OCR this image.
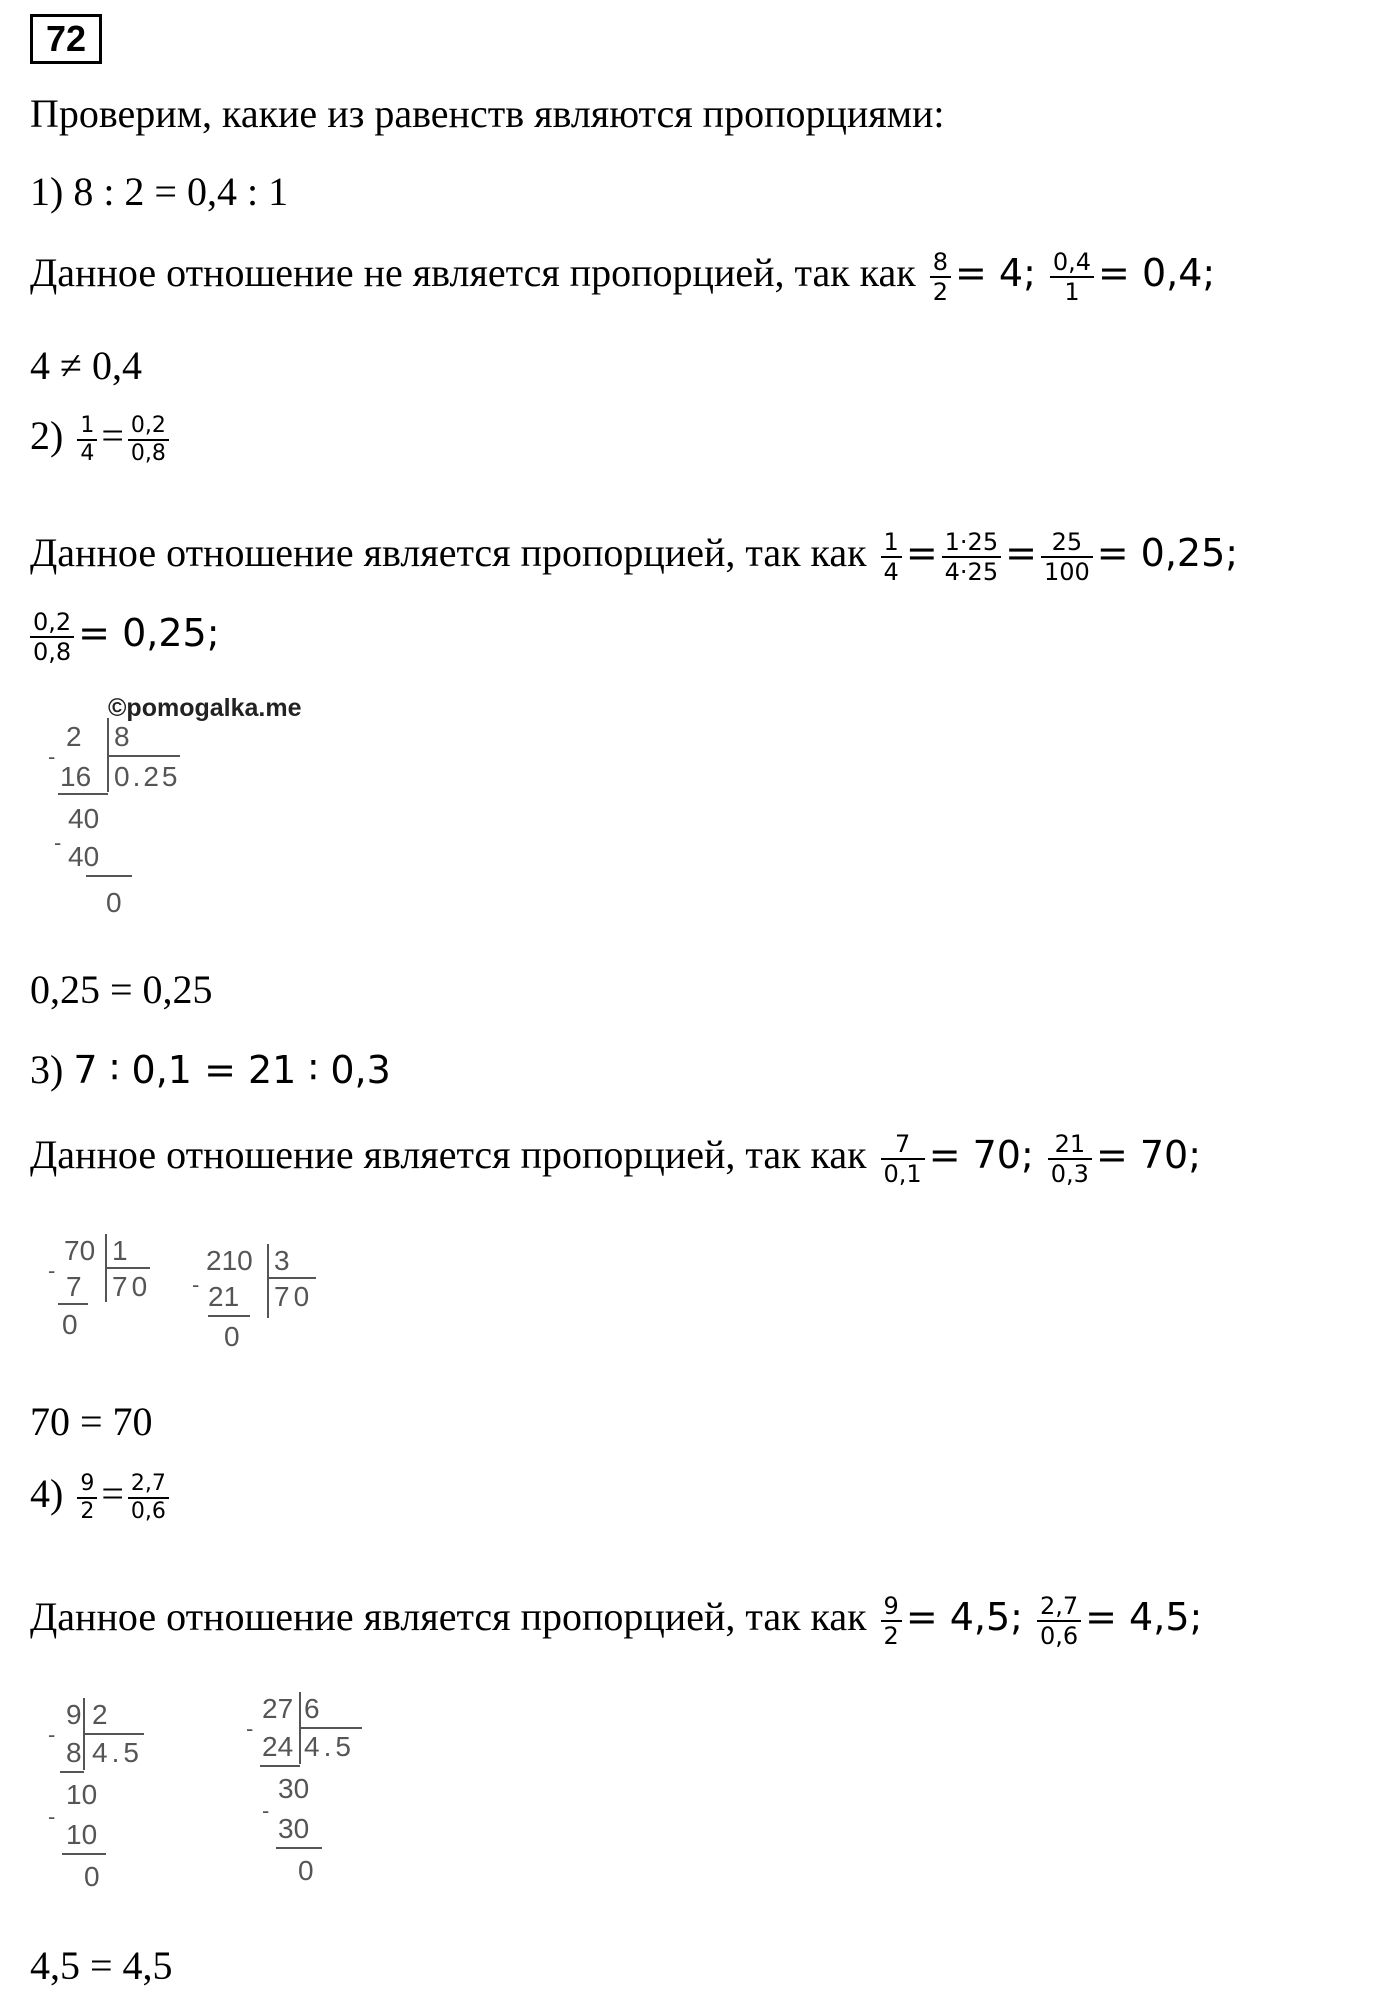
72
Проверим, какие из равенств являются пропорциями:
1) 8 : 2 = 0,4 : 1
Данное отношение не является пропорцией, так как $\frac{8}{2} = 4$; $\frac{0,4}{1} = 0,4$;
4 ≠ 0,4
$2) \frac{1}{4} = \frac{0,2}{0,8}$
Данное отношение является пропорцией, так как $\frac{1}{4} = \frac{1\cdot 25}{4\cdot 25} = \frac{25}{100} = 0,25$;
$\frac{0,2}{0,8} = 0,25$;
©pomogalka.me
2 8
-
16 0.25
40
40
-
0
0,25 = 0,25
3) 7 ∶ 0,1 = 21 ∶ 0,3
Данное отношение является пропорцией, так как $\frac{7}{0,1} = 70$; $\frac{21}{0,3} = 70$;
70 1
-
7 70
0
210 3
- 21 70
0
70 = 70
$4) \frac{9}{2} = \frac{2,7}{0,6}$
Данное отношение является пропорцией, так как $\frac{9}{2} = 4,5$; $\frac{2,7}{0,6} = 4,5$;
9 2
-
8 4.5
10
-
10
0
27 6
-
24 4.5
30
-
30
0
4,5 = 4,5
